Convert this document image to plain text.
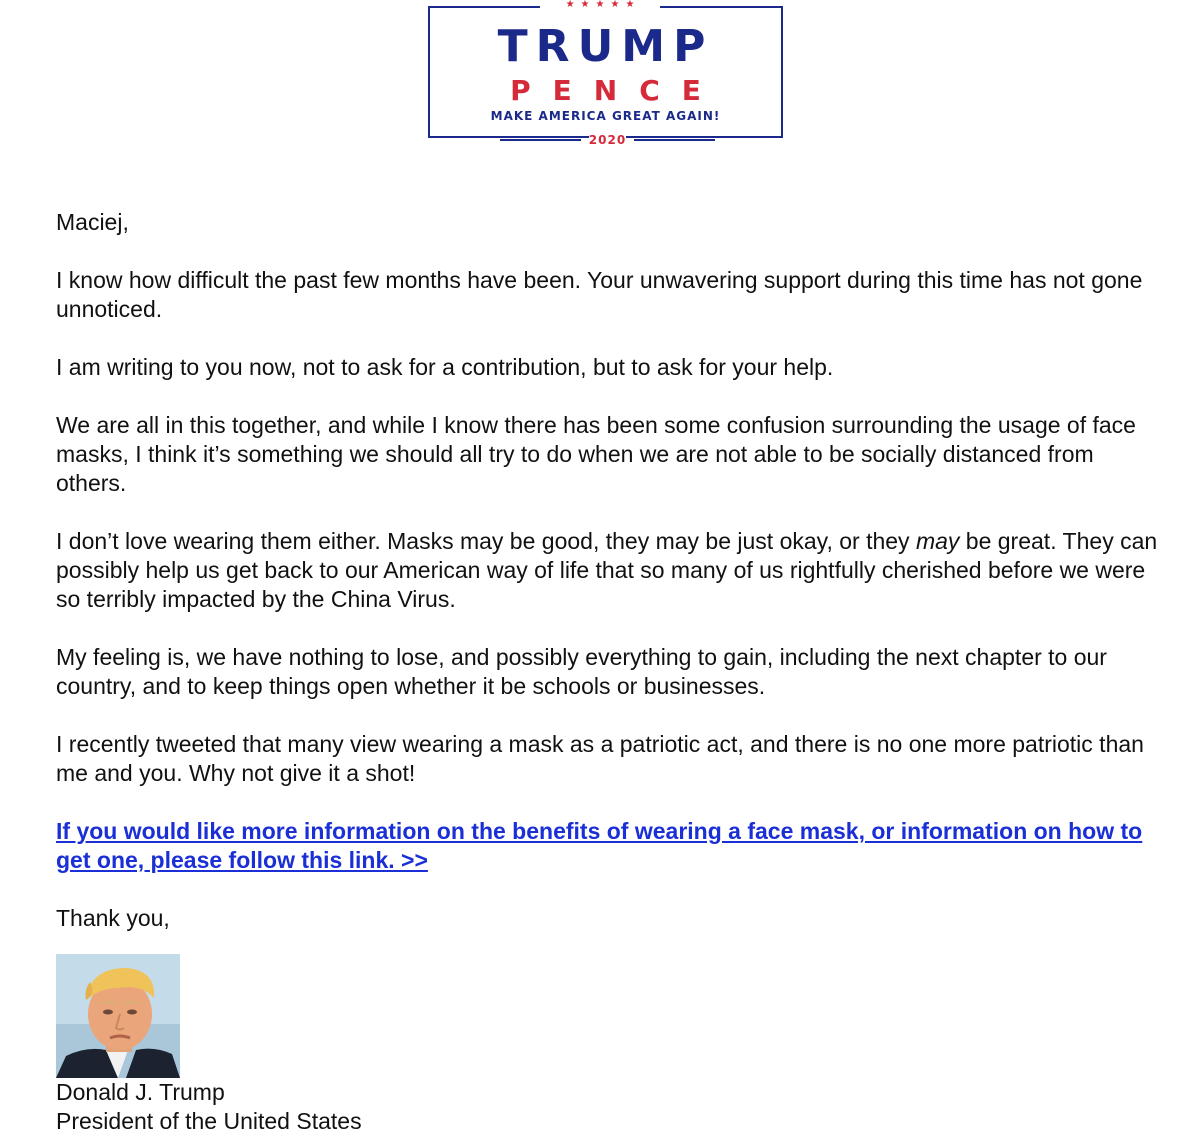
TRUMP
PENCE
MAKE AMERICA GREAT AGAIN!
2020
★ ★ ★ ★ ★

Maciej,

I know how difficult the past few months have been. Your unwavering support during this time has not gone unnoticed.

I am writing to you now, not to ask for a contribution, but to ask for your help.

We are all in this together, and while I know there has been some confusion surrounding the usage of face masks, I think it’s something we should all try to do when we are not able to be socially distanced from others.

I don’t love wearing them either. Masks may be good, they may be just okay, or they may be great. They can possibly help us get back to our American way of life that so many of us rightfully cherished before we were so terribly impacted by the China Virus.

My feeling is, we have nothing to lose, and possibly everything to gain, including the next chapter to our country, and to keep things open whether it be schools or businesses.

I recently tweeted that many view wearing a mask as a patriotic act, and there is no one more patriotic than me and you. Why not give it a shot!

If you would like more information on the benefits of wearing a face mask, or information on how to get one, please follow this link. >>

Thank you,

Donald J. Trump
President of the United States
